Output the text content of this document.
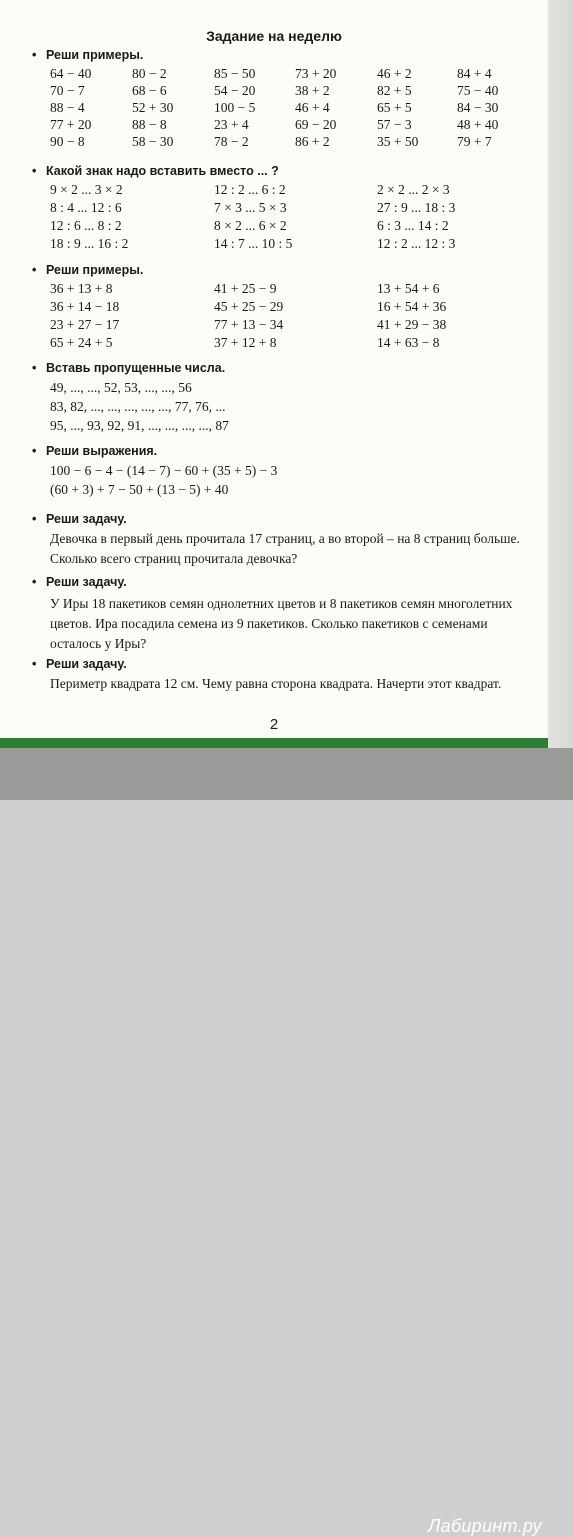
Задание на неделю
• Реши примеры.
64 − 40	80 − 2	85 − 50	73 + 20	46 + 2	84 + 4
70 − 7	68 − 6	54 − 20	38 + 2	82 + 5	75 − 40
88 − 4	52 + 30	100 − 5	46 + 4	65 + 5	84 − 30
77 + 20	88 − 8	23 + 4	69 − 20	57 − 3	48 + 40
90 − 8	58 − 30	78 − 2	86 + 2	35 + 50	79 + 7
• Какой знак надо вставить вместо ... ?
9 × 2 ... 3 × 2	12 : 2 ... 6 : 2	2 × 2 ... 2 × 3
8 : 4 ... 12 : 6	7 × 3 ... 5 × 3	27 : 9 ... 18 : 3
12 : 6 ... 8 : 2	8 × 2 ... 6 × 2	6 : 3 ... 14 : 2
18 : 9 ... 16 : 2	14 : 7 ... 10 : 5	12 : 2 ... 12 : 3
• Реши примеры.
36 + 13 + 8	41 + 25 − 9	13 + 54 + 6
36 + 14 − 18	45 + 25 − 29	16 + 54 + 36
23 + 27 − 17	77 + 13 − 34	41 + 29 − 38
65 + 24 + 5	37 + 12 + 8	14 + 63 − 8
• Вставь пропущенные числа.
49, ..., ..., 52, 53, ..., ..., 56
83, 82, ..., ..., ..., ..., ..., 77, 76, ...
95, ..., 93, 92, 91, ..., ..., ..., ..., 87
• Реши выражения.
100 − 6 − 4 − (14 − 7) − 60 + (35 + 5) − 3
(60 + 3) + 7 − 50 + (13 − 5) + 40
• Реши задачу.
Девочка в первый день прочитала 17 страниц, а во второй – на 8 страниц больше. Сколько всего страниц прочитала девочка?
• Реши задачу.
У Иры 18 пакетиков семян однолетних цветов и 8 пакетиков семян многолетних цветов. Ира посадила семена из 9 пакетиков. Сколько пакетиков с семенами осталось у Иры?
• Реши задачу.
Периметр квадрата 12 см. Чему равна сторона квадрата. Начерти этот квадрат.
2
Лабиринт.ру
